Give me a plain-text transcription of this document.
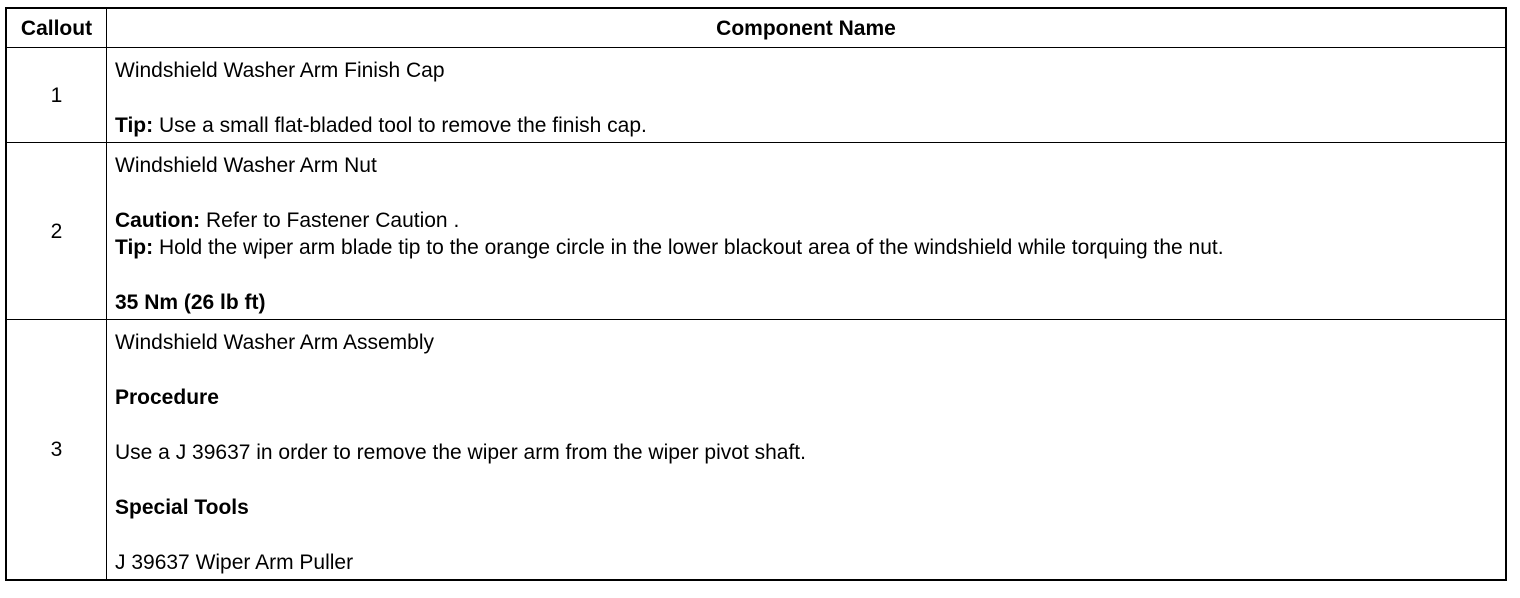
Callout	Component Name
1	Windshield Washer Arm Finish Cap
Tip: Use a small flat-bladed tool to remove the finish cap.

2	Windshield Washer Arm Nut
Caution: Refer to Fastener Caution .
Tip: Hold the wiper arm blade tip to the orange circle in the lower blackout area of the windshield while torquing the nut.
35 Nm (26 lb ft)

3	Windshield Washer Arm Assembly
Procedure
Use a J 39637 in order to remove the wiper arm from the wiper pivot shaft.
Special Tools
J 39637 Wiper Arm Puller
